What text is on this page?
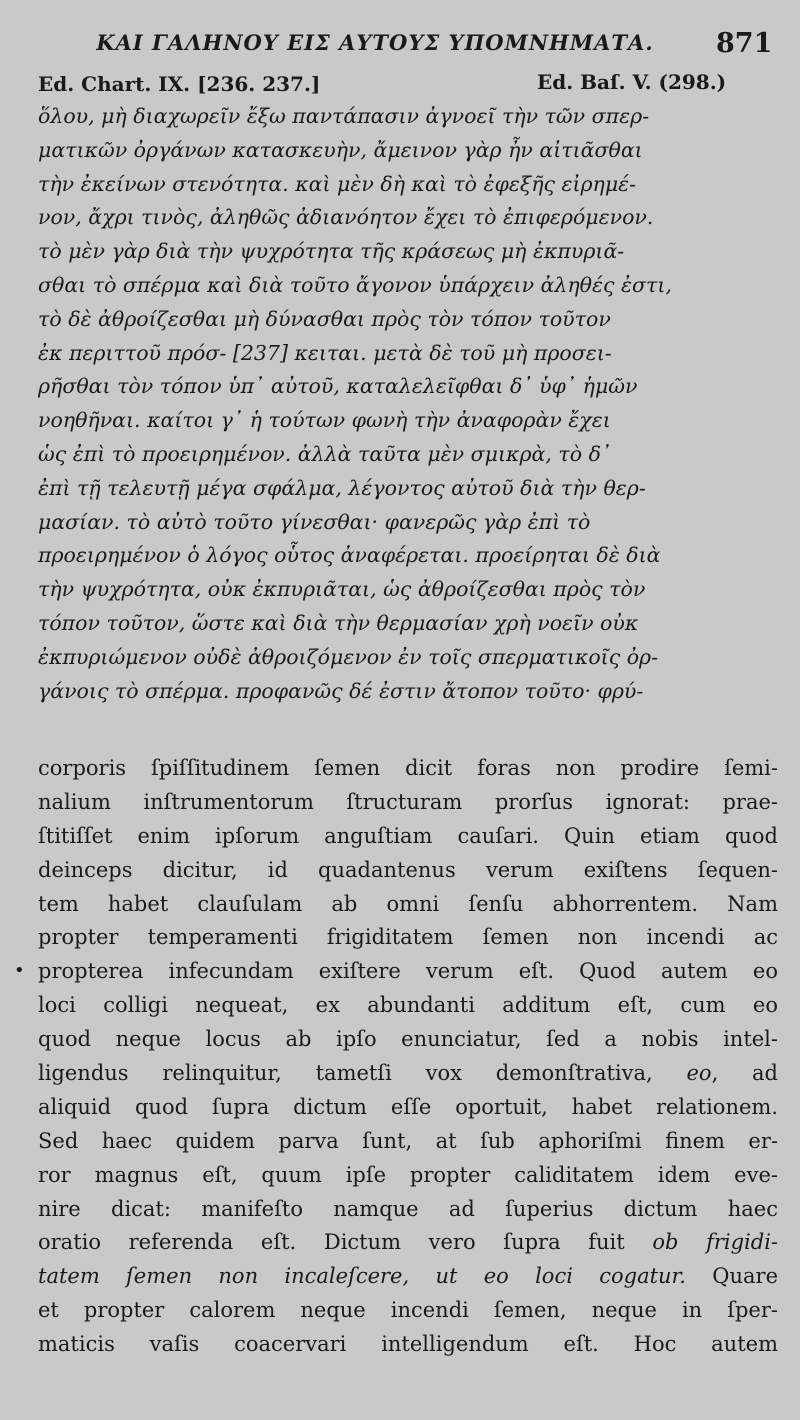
ΚΑΙ ΓΑΛΗΝΟΥ ΕΙΣ ΑΥΤΟΥΣ ΥΠΟΜΝΗΜΑΤΑ.	871
Ed. Chart. IX. [236. 237.]	Ed. Baſ. V. (298.)
ὅλου, μὴ διαχωρεῖν ἔξω παντάπασιν ἀγνοεῖ τὴν τῶν σπερ-
ματικῶν ὀργάνων κατασκευὴν, ἄμεινον γὰρ ἦν αἰτιᾶσθαι
τὴν ἐκείνων στενότητα. καὶ μὲν δὴ καὶ τὸ ἐφεξῆς εἰρημέ-
νον, ἄχρι τινὸς, ἀληθῶς ἀδιανόητον ἔχει τὸ ἐπιφερόμενον.
τὸ μὲν γὰρ διὰ τὴν ψυχρότητα τῆς κράσεως μὴ ἐκπυριᾶ-
σθαι τὸ σπέρμα καὶ διὰ τοῦτο ἄγονον ὑπάρχειν ἀληθές ἐστι,
τὸ δὲ ἀθροίζεσθαι μὴ δύνασθαι πρὸς τὸν τόπον τοῦτον
ἐκ περιττοῦ πρόσ- [237] κειται. μετὰ δὲ τοῦ μὴ προσει-
ρῆσθαι τὸν τόπον ὑπ᾽ αὐτοῦ, καταλελεῖφθαι δ᾽ ὑφ᾽ ἡμῶν
νοηθῆναι. καίτοι γ᾽ ἡ τούτων φωνὴ τὴν ἀναφορὰν ἔχει
ὡς ἐπὶ τὸ προειρημένον. ἀλλὰ ταῦτα μὲν σμικρὰ, τὸ δ᾽
ἐπὶ τῇ τελευτῇ μέγα σφάλμα, λέγοντος αὐτοῦ διὰ τὴν θερ-
μασίαν. τὸ αὐτὸ τοῦτο γίνεσθαι· φανερῶς γὰρ ἐπὶ τὸ
προειρημένον ὁ λόγος οὗτος ἀναφέρεται. προείρηται δὲ διὰ
τὴν ψυχρότητα, οὐκ ἐκπυριᾶται, ὡς ἀθροίζεσθαι πρὸς τὸν
τόπον τοῦτον, ὥστε καὶ διὰ τὴν θερμασίαν χρὴ νοεῖν οὐκ
ἐκπυριώμενον οὐδὲ ἀθροιζόμενον ἐν τοῖς σπερματικοῖς ὀρ-
γάνοις τὸ σπέρμα. προφανῶς δέ ἐστιν ἄτοπον τοῦτο· φρύ-
•
corporis ſpiſſitudinem ſemen dicit foras non prodire ſemi-
nalium inſtrumentorum ſtructuram prorſus ignorat: prae-
ſtitiſſet enim ipſorum anguſtiam cauſari. Quin etiam quod
deinceps dicitur, id quadantenus verum exiſtens ſequen-
tem habet clauſulam ab omni ſenſu abhorrentem. Nam
propter temperamenti frigiditatem ſemen non incendi ac
propterea infecundam exiſtere verum eſt. Quod autem eo
loci colligi nequeat, ex abundanti additum eſt, cum eo
quod neque locus ab ipſo enunciatur, ſed a nobis intel-
ligendus relinquitur, tametſi vox demonſtrativa, eo, ad
aliquid quod ſupra dictum eſſe oportuit, habet relationem.
Sed haec quidem parva ſunt, at ſub aphoriſmi finem er-
ror magnus eſt, quum ipſe propter caliditatem idem eve-
nire dicat: manifeſto namque ad ſuperius dictum haec
oratio referenda eſt. Dictum vero ſupra fuit ob frigidi-
tatem ſemen non incaleſcere, ut eo loci cogatur. Quare
et propter calorem neque incendi ſemen, neque in ſper-
maticis vaſis coacervari intelligendum eſt. Hoc autem
